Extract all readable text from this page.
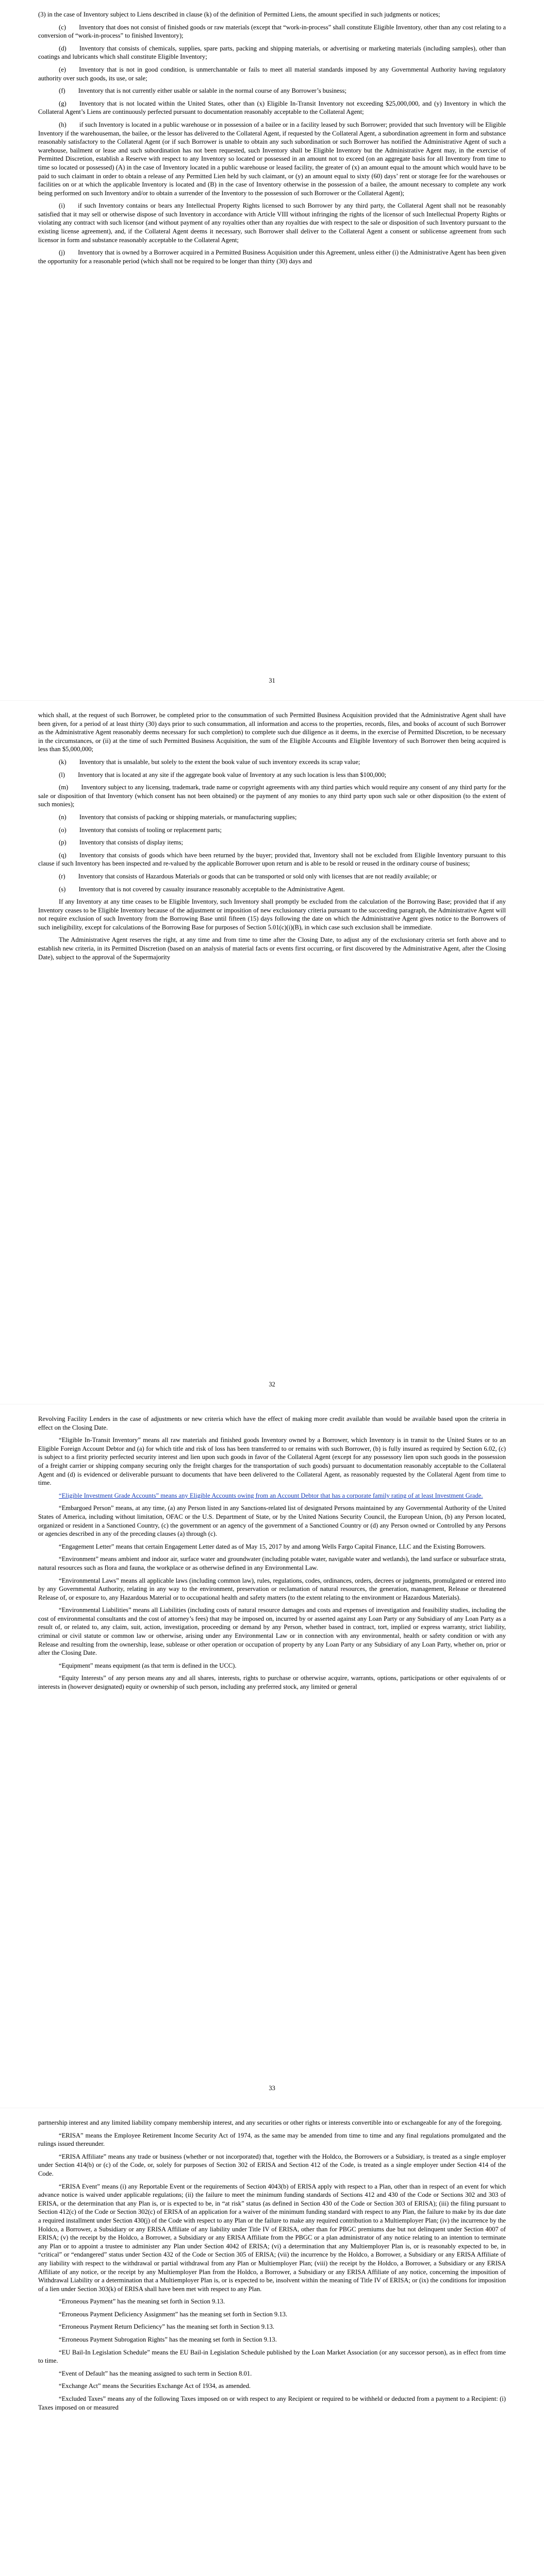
(3) in the case of Inventory subject to Liens described in clause (k) of the definition of Permitted Liens, the amount specified in such judgments or notices;

(c)  Inventory that does not consist of finished goods or raw materials (except that “work-in-process” shall constitute Eligible Inventory, other than any cost relating to a conversion of “work-in-process” to finished Inventory);

(d)  Inventory that consists of chemicals, supplies, spare parts, packing and shipping materials, or advertising or marketing materials (including samples), other than coatings and lubricants which shall constitute Eligible Inventory;

(e)  Inventory that is not in good condition, is unmerchantable or fails to meet all material standards imposed by any Governmental Authority having regulatory authority over such goods, its use, or sale;

(f)  Inventory that is not currently either usable or salable in the normal course of any Borrower’s business;

(g)  Inventory that is not located within the United States, other than (x) Eligible In-Transit Inventory not exceeding $25,000,000, and (y) Inventory in which the Collateral Agent’s Liens are continuously perfected pursuant to documentation reasonably acceptable to the Collateral Agent;

(h)  if such Inventory is located in a public warehouse or in possession of a bailee or in a facility leased by such Borrower; provided that such Inventory will be Eligible Inventory if the warehouseman, the bailee, or the lessor has delivered to the Collateral Agent, if requested by the Collateral Agent, a subordination agreement in form and substance reasonably satisfactory to the Collateral Agent (or if such Borrower is unable to obtain any such subordination or such Borrower has notified the Administrative Agent of such a warehouse, bailment or lease and such subordination has not been requested, such Inventory shall be Eligible Inventory but the Administrative Agent may, in the exercise of Permitted Discretion, establish a Reserve with respect to any Inventory so located or possessed in an amount not to exceed (on an aggregate basis for all Inventory from time to time so located or possessed) (A) in the case of Inventory located in a public warehouse or leased facility, the greater of (x) an amount equal to the amount which would have to be paid to such claimant in order to obtain a release of any Permitted Lien held by such claimant, or (y) an amount equal to sixty (60) days’ rent or storage fee for the warehouses or facilities on or at which the applicable Inventory is located and (B) in the case of Inventory otherwise in the possession of a bailee, the amount necessary to complete any work being performed on such Inventory and/or to obtain a surrender of the Inventory to the possession of such Borrower or the Collateral Agent);

(i)  if such Inventory contains or bears any Intellectual Property Rights licensed to such Borrower by any third party, the Collateral Agent shall not be reasonably satisfied that it may sell or otherwise dispose of such Inventory in accordance with Article VIII without infringing the rights of the licensor of such Intellectual Property Rights or violating any contract with such licensor (and without payment of any royalties other than any royalties due with respect to the sale or disposition of such Inventory pursuant to the existing license agreement), and, if the Collateral Agent deems it necessary, such Borrower shall deliver to the Collateral Agent a consent or sublicense agreement from such licensor in form and substance reasonably acceptable to the Collateral Agent;

(j)  Inventory that is owned by a Borrower acquired in a Permitted Business Acquisition under this Agreement, unless either (i) the Administrative Agent has been given the opportunity for a reasonable period (which shall not be required to be longer than thirty (30) days and

31

which shall, at the request of such Borrower, be completed prior to the consummation of such Permitted Business Acquisition provided that the Administrative Agent shall have been given, for a period of at least thirty (30) days prior to such consummation, all information and access to the properties, records, files, and books of account of such Borrower as the Administrative Agent reasonably deems necessary for such completion) to complete such due diligence as it deems, in the exercise of Permitted Discretion, to be necessary in the circumstances, or (ii) at the time of such Permitted Business Acquisition, the sum of the Eligible Accounts and Eligible Inventory of such Borrower then being acquired is less than $5,000,000;

(k)  Inventory that is unsalable, but solely to the extent the book value of such inventory exceeds its scrap value;

(l)  Inventory that is located at any site if the aggregate book value of Inventory at any such location is less than $100,000;

(m)  Inventory subject to any licensing, trademark, trade name or copyright agreements with any third parties which would require any consent of any third party for the sale or disposition of that Inventory (which consent has not been obtained) or the payment of any monies to any third party upon such sale or other disposition (to the extent of such monies);

(n)  Inventory that consists of packing or shipping materials, or manufacturing supplies;

(o)  Inventory that consists of tooling or replacement parts;

(p)  Inventory that consists of display items;

(q)  Inventory that consists of goods which have been returned by the buyer; provided that, Inventory shall not be excluded from Eligible Inventory pursuant to this clause if such Inventory has been inspected and re-valued by the applicable Borrower upon return and is able to be resold or reused in the ordinary course of business;

(r)  Inventory that consists of Hazardous Materials or goods that can be transported or sold only with licenses that are not readily available; or

(s)  Inventory that is not covered by casualty insurance reasonably acceptable to the Administrative Agent.

If any Inventory at any time ceases to be Eligible Inventory, such Inventory shall promptly be excluded from the calculation of the Borrowing Base; provided that if any Inventory ceases to be Eligible Inventory because of the adjustment or imposition of new exclusionary criteria pursuant to the succeeding paragraph, the Administrative Agent will not require exclusion of such Inventory from the Borrowing Base until fifteen (15) days following the date on which the Administrative Agent gives notice to the Borrowers of such ineligibility, except for calculations of the Borrowing Base for purposes of Section 5.01(c)(i)(B), in which case such exclusion shall be immediate.

The Administrative Agent reserves the right, at any time and from time to time after the Closing Date, to adjust any of the exclusionary criteria set forth above and to establish new criteria, in its Permitted Discretion (based on an analysis of material facts or events first occurring, or first discovered by the Administrative Agent, after the Closing Date), subject to the approval of the Supermajority

32

Revolving Facility Lenders in the case of adjustments or new criteria which have the effect of making more credit available than would be available based upon the criteria in effect on the Closing Date.

“Eligible In-Transit Inventory” means all raw materials and finished goods Inventory owned by a Borrower, which Inventory is in transit to the United States or to an Eligible Foreign Account Debtor and (a) for which title and risk of loss has been transferred to or remains with such Borrower, (b) is fully insured as required by Section 6.02, (c) is subject to a first priority perfected security interest and lien upon such goods in favor of the Collateral Agent (except for any possessory lien upon such goods in the possession of a freight carrier or shipping company securing only the freight charges for the transportation of such goods) pursuant to documentation reasonably acceptable to the Collateral Agent and (d) is evidenced or deliverable pursuant to documents that have been delivered to the Collateral Agent, as reasonably requested by the Collateral Agent from time to time.

“Eligible Investment Grade Accounts” means any Eligible Accounts owing from an Account Debtor that has a corporate family rating of at least Investment Grade.

“Embargoed Person” means, at any time, (a) any Person listed in any Sanctions-related list of designated Persons maintained by any Governmental Authority of the United States of America, including without limitation, OFAC or the U.S. Department of State, or by the United Nations Security Council, the European Union, (b) any Person located, organized or resident in a Sanctioned Country, (c) the government or an agency of the government of a Sanctioned Country or (d) any Person owned or Controlled by any Persons or agencies described in any of the preceding clauses (a) through (c).

“Engagement Letter” means that certain Engagement Letter dated as of May 15, 2017 by and among Wells Fargo Capital Finance, LLC and the Existing Borrowers.

“Environment” means ambient and indoor air, surface water and groundwater (including potable water, navigable water and wetlands), the land surface or subsurface strata, natural resources such as flora and fauna, the workplace or as otherwise defined in any Environmental Law.

“Environmental Laws” means all applicable laws (including common law), rules, regulations, codes, ordinances, orders, decrees or judgments, promulgated or entered into by any Governmental Authority, relating in any way to the environment, preservation or reclamation of natural resources, the generation, management, Release or threatened Release of, or exposure to, any Hazardous Material or to occupational health and safety matters (to the extent relating to the environment or Hazardous Materials).

“Environmental Liabilities” means all Liabilities (including costs of natural resource damages and costs and expenses of investigation and feasibility studies, including the cost of environmental consultants and the cost of attorney’s fees) that may be imposed on, incurred by or asserted against any Loan Party or any Subsidiary of any Loan Party as a result of, or related to, any claim, suit, action, investigation, proceeding or demand by any Person, whether based in contract, tort, implied or express warranty, strict liability, criminal or civil statute or common law or otherwise, arising under any Environmental Law or in connection with any environmental, health or safety condition or with any Release and resulting from the ownership, lease, sublease or other operation or occupation of property by any Loan Party or any Subsidiary of any Loan Party, whether on, prior or after the Closing Date.

“Equipment” means equipment (as that term is defined in the UCC).

“Equity Interests” of any person means any and all shares, interests, rights to purchase or otherwise acquire, warrants, options, participations or other equivalents of or interests in (however designated) equity or ownership of such person, including any preferred stock, any limited or general

33

partnership interest and any limited liability company membership interest, and any securities or other rights or interests convertible into or exchangeable for any of the foregoing.

“ERISA” means the Employee Retirement Income Security Act of 1974, as the same may be amended from time to time and any final regulations promulgated and the rulings issued thereunder.

“ERISA Affiliate” means any trade or business (whether or not incorporated) that, together with the Holdco, the Borrowers or a Subsidiary, is treated as a single employer under Section 414(b) or (c) of the Code, or, solely for purposes of Section 302 of ERISA and Section 412 of the Code, is treated as a single employer under Section 414 of the Code.

“ERISA Event” means (i) any Reportable Event or the requirements of Section 4043(b) of ERISA apply with respect to a Plan, other than in respect of an event for which advance notice is waived under applicable regulations; (ii) the failure to meet the minimum funding standards of Sections 412 and 430 of the Code or Sections 302 and 303 of ERISA, or the determination that any Plan is, or is expected to be, in “at risk” status (as defined in Section 430 of the Code or Section 303 of ERISA); (iii) the filing pursuant to Section 412(c) of the Code or Section 302(c) of ERISA of an application for a waiver of the minimum funding standard with respect to any Plan, the failure to make by its due date a required installment under Section 430(j) of the Code with respect to any Plan or the failure to make any required contribution to a Multiemployer Plan; (iv) the incurrence by the Holdco, a Borrower, a Subsidiary or any ERISA Affiliate of any liability under Title IV of ERISA, other than for PBGC premiums due but not delinquent under Section 4007 of ERISA; (v) the receipt by the Holdco, a Borrower, a Subsidiary or any ERISA Affiliate from the PBGC or a plan administrator of any notice relating to an intention to terminate any Plan or to appoint a trustee to administer any Plan under Section 4042 of ERISA; (vi) a determination that any Multiemployer Plan is, or is reasonably expected to be, in “critical” or “endangered” status under Section 432 of the Code or Section 305 of ERISA; (vii) the incurrence by the Holdco, a Borrower, a Subsidiary or any ERISA Affiliate of any liability with respect to the withdrawal or partial withdrawal from any Plan or Multiemployer Plan; (viii) the receipt by the Holdco, a Borrower, a Subsidiary or any ERISA Affiliate of any notice, or the receipt by any Multiemployer Plan from the Holdco, a Borrower, a Subsidiary or any ERISA Affiliate of any notice, concerning the imposition of Withdrawal Liability or a determination that a Multiemployer Plan is, or is expected to be, insolvent within the meaning of Title IV of ERISA; or (ix) the conditions for imposition of a lien under Section 303(k) of ERISA shall have been met with respect to any Plan.

“Erroneous Payment” has the meaning set forth in Section 9.13.

“Erroneous Payment Deficiency Assignment” has the meaning set forth in Section 9.13.

“Erroneous Payment Return Deficiency” has the meaning set forth in Section 9.13.

“Erroneous Payment Subrogation Rights” has the meaning set forth in Section 9.13.

“EU Bail-In Legislation Schedule” means the EU Bail-in Legislation Schedule published by the Loan Market Association (or any successor person), as in effect from time to time.

“Event of Default” has the meaning assigned to such term in Section 8.01.

“Exchange Act” means the Securities Exchange Act of 1934, as amended.

“Excluded Taxes” means any of the following Taxes imposed on or with respect to any Recipient or required to be withheld or deducted from a payment to a Recipient: (i) Taxes imposed on or measured
